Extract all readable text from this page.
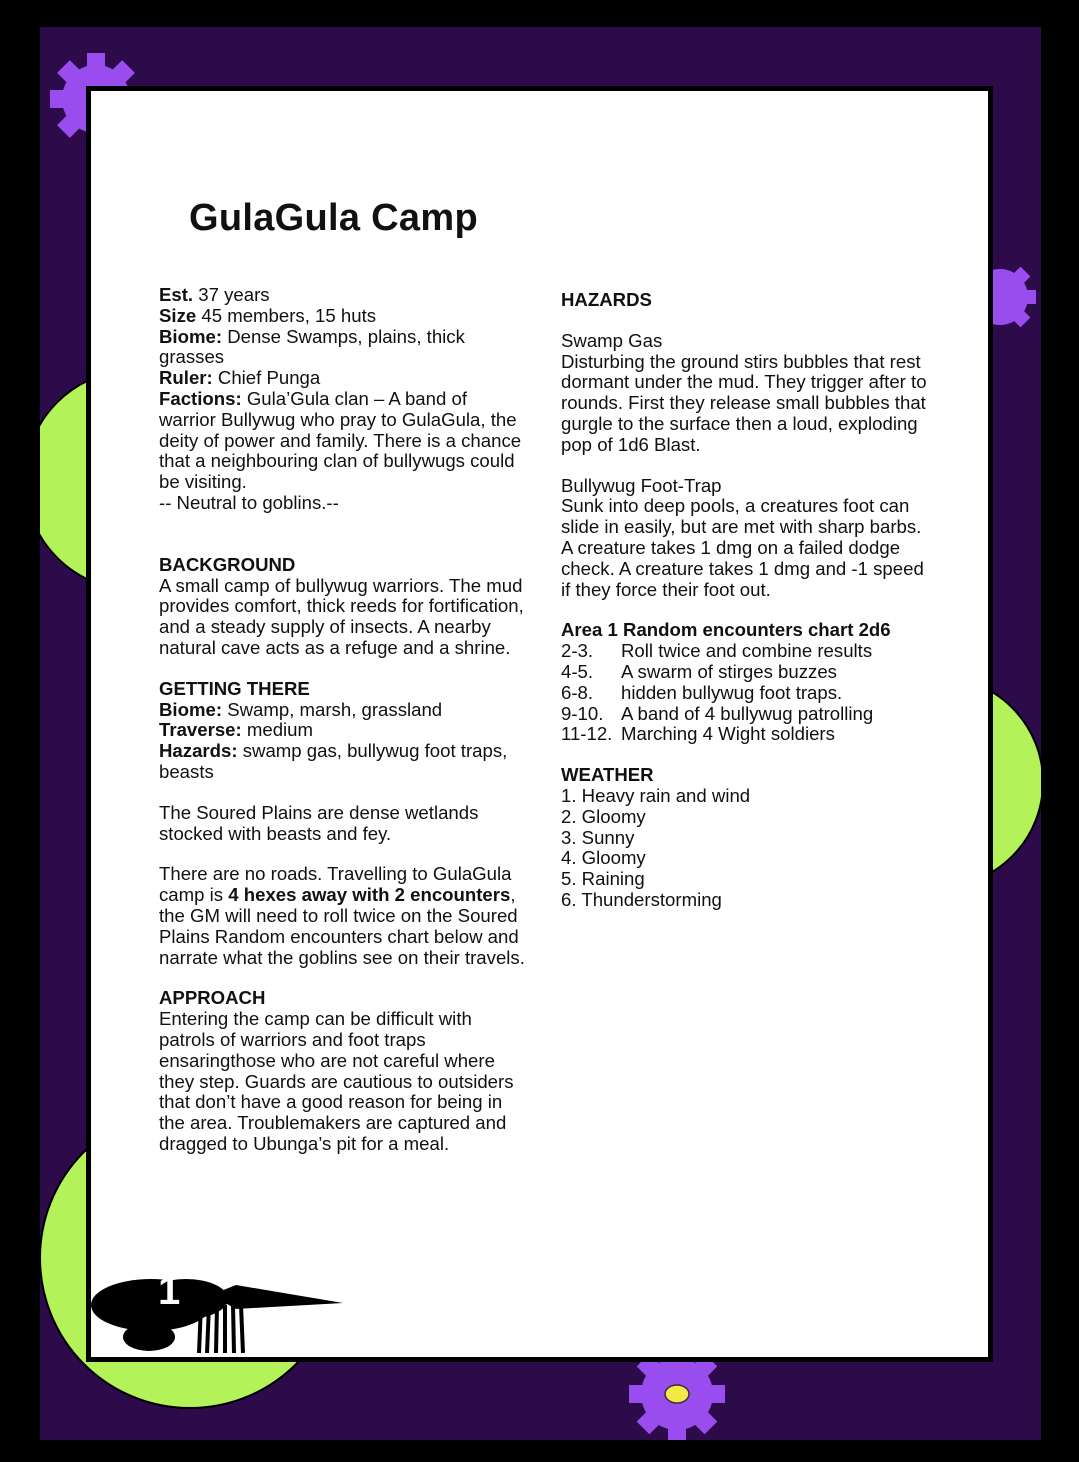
GulaGula Camp

Est. 37 years

Size 45 members, 15 huts

Biome: Dense Swamps, plains, thick grasses

Ruler: Chief Punga

Factions: Gula’Gula clan – A band of warrior Bullywug who pray to GulaGula, the deity of power and family. There is a chance that a neighbouring clan of bullywugs could be visiting.

-- Neutral to goblins.--

BACKGROUND

A small camp of bullywug warriors. The mud provides comfort, thick reeds for fortification, and a steady supply of insects. A nearby natural cave acts as a refuge and a shrine.

GETTING THERE

Biome: Swamp, marsh, grassland

Traverse: medium

Hazards: swamp gas, bullywug foot traps, beasts

The Soured Plains are dense wetlands stocked with beasts and fey.

There are no roads. Travelling to GulaGula camp is 4 hexes away with 2 encounters, the GM will need to roll twice on the Soured Plains Random encounters chart below and narrate what the goblins see on their travels.

APPROACH

Entering the camp can be difficult with patrols of warriors and foot traps ensaringthose who are not careful where they step. Guards are cautious to outsiders that don’t have a good reason for being in the area. Troublemakers are captured and dragged to Ubunga’s pit for a meal.

HAZARDS

Swamp Gas

Disturbing the ground stirs bubbles that rest dormant under the mud. They trigger after to rounds. First they release small bubbles that gurgle to the surface then a loud, exploding pop of 1d6 Blast.

Bullywug Foot-Trap

Sunk into deep pools, a creatures foot can slide in easily, but are met with sharp barbs. A creature takes 1 dmg on a failed dodge check. A creature takes 1 dmg and -1 speed if they force their foot out.

Area 1 Random encounters chart 2d6

2-3.	Roll twice and combine results
4-5.	A swarm of stirges buzzes
6-8.	hidden bullywug foot traps.
9-10. A band of 4 bullywug patrolling
11-12. Marching 4 Wight soldiers

WEATHER

1. Heavy rain and wind

2. Gloomy

3. Sunny

4. Gloomy

5. Raining

6. Thunderstorming

1
